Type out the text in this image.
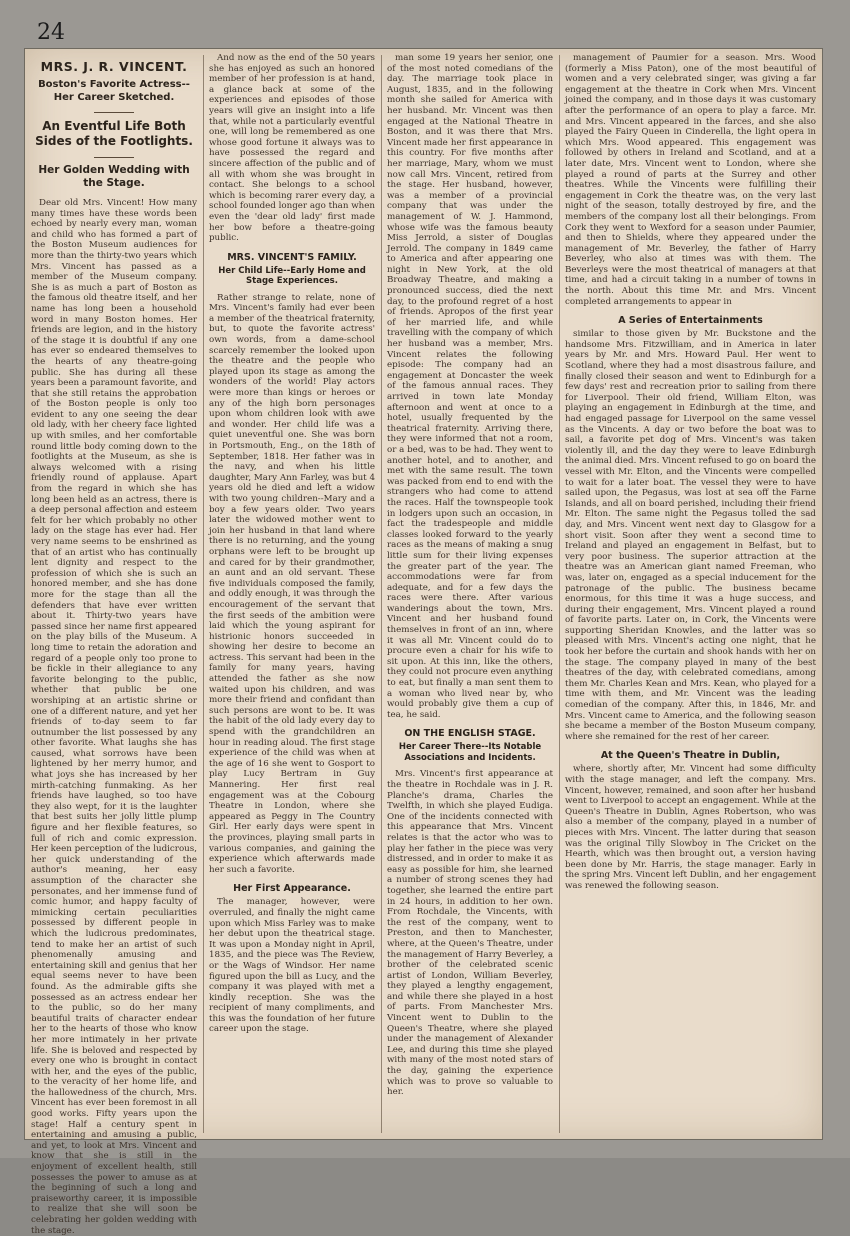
24
MRS. J. R. VINCENT.
Boston's Favorite Actress--Her Career Sketched.
An Eventful Life Both Sides of the Footlights.
Her Golden Wedding with the Stage.

Dear old Mrs. Vincent! How many many times have these words been echoed by nearly every man, woman and child who has formed a part of the Boston Museum audiences for more than the thirty-two years which Mrs. Vincent has passed as a member of the Museum company. She is as much a part of Boston as the famous old theatre itself, and her name has long been a household word in many Boston homes. Her friends are legion, and in the history of the stage it is doubtful if any one has ever so endeared themselves to the hearts of any theatre-going public. She has during all these years been a paramount favorite, and that she still retains the approbation of the Boston people is only too evident to any one seeing the dear old lady, with her cheery face lighted up with smiles, and her comfortable round little body coming down to the footlights at the Museum, as she is always welcomed with a rising friendly round of applause. Apart from the regard in which she has long been held as an actress, there is a deep personal affection and esteem felt for her which probably no other lady on the stage has ever had. Her very name seems to be enshrined as that of an artist who has continually lent dignity and respect to the profession of which she is such an honored member, and she has done more for the stage than all the defenders that have ever written about it. Thirty-two years have passed since her name first appeared on the play bills of the Museum. A long time to retain the adoration and regard of a people only too prone to be fickle in their allegiance to any favorite belonging to the public, whether that public be one worshiping at an artistic shrine or one of a different nature, and yet her friends of to-day seem to far outnumber the list possessed by any other favorite. What laughs she has caused, what sorrows have been lightened by her merry humor, and what joys she has increased by her mirth-catching funmaking. As her friends have laughed, so too have they also wept, for it is the laughter that best suits her jolly little plump figure and her flexible features, so full of rich and comic expression. Her keen perception of the ludicrous, her quick understanding of the author's meaning, her easy assumption of the character she personates, and her immense fund of comic humor, and happy faculty of mimicking certain peculiarities possessed by different people in which the ludicrous predominates, tend to make her an artist of such phenomenally amusing and entertaining skill and genius that her equal seems never to have been found. As the admirable gifts she possessed as an actress endear her to the public, so do her many beautiful traits of character endear her to the hearts of those who know her more intimately in her private life. She is beloved and respected by every one who is brought in contact with her, and the eyes of the public, to the veracity of her home life, and the hallowedness of the church, Mrs. Vincent has ever been foremost in all good works. Fifty years upon the stage! Half a century spent in entertaining and amusing a public, and yet, to look at Mrs. Vincent and know that she is still in the enjoyment of excellent health, still possesses the power to amuse as at the beginning of such a long and praiseworthy career, it is impossible to realize that she will soon be celebrating her golden wedding with the stage.

And now as the end of the 50 years she has enjoyed as such an honored member of her profession is at hand, a glance back at some of the experiences and episodes of those years will give an insight into a life that, while not a particularly eventful one, will long be remembered as one whose good fortune it always was to have possessed the regard and sincere affection of the public and of all with whom she was brought in contact. She belongs to a school which is becoming rarer every day, a school founded longer ago than when even the 'dear old lady' first made her bow before a theatre-going public.

MRS. VINCENT'S FAMILY.
Her Child Life--Early Home and Stage Experiences.

Rather strange to relate, none of Mrs. Vincent's family had ever been a member of the theatrical fraternity, but, to quote the favorite actress' own words, from a dame-school scarcely remember the looked upon the theatre and the people who played upon its stage as among the wonders of the world! Play actors were more than kings or heroes or any of the high born personages upon whom children look with awe and wonder. Her child life was a quiet uneventful one. She was born in Portsmouth, Eng., on the 18th of September, 1818. Her father was in the navy, and when his little daughter, Mary Ann Farley, was but 4 years old he died and left a widow with two young children--Mary and a boy a few years older. Two years later the widowed mother went to join her husband in that land where there is no returning, and the young orphans were left to be brought up and cared for by their grandmother, an aunt and an old servant. These five individuals composed the family, and oddly enough, it was through the encouragement of the servant that the first seeds of the ambition were laid which the young aspirant for histrionic honors succeeded in showing her desire to become an actress. This servant had been in the family for many years, having attended the father as she now waited upon his children, and was more their friend and confidant than such persons are wont to be. It was the habit of the old lady every day to spend with the grandchildren an hour in reading aloud. The first stage experience of the child was when at the age of 16 she went to Gosport to play Lucy Bertram in Guy Mannering. Her first real engagement was at the Cobourg Theatre in London, where she appeared as Peggy in The Country Girl. Her early days were spent in the provinces, playing small parts in various companies, and gaining the experience which afterwards made her such a favorite.

Her First Appearance.

The manager, however, were overruled, and finally the night came upon which Miss Farley was to make her debut upon the theatrical stage. It was upon a Monday night in April, 1835, and the piece was The Review, or the Wags of Windsor. Her name figured upon the bill as Lucy, and the company it was played with met a kindly reception. She was the recipient of many compliments, and this was the foundation of her future career upon the stage.

man some 19 years her senior, one of the most noted comedians of the day. The marriage took place in August, 1835, and in the following month she sailed for America with her husband. Mr. Vincent was then engaged at the National Theatre in Boston, and it was there that Mrs. Vincent made her first appearance in this country. For five months after her marriage, Mary, whom we must now call Mrs. Vincent, retired from the stage. Her husband, however, was a member of a provincial company that was under the management of W. J. Hammond, whose wife was the famous beauty Miss Jerrold, a sister of Douglas Jerrold. The company in 1849 came to America and after appearing one night in New York, at the old Broadway Theatre, and making a pronounced success, died the next day, to the profound regret of a host of friends. Apropos of the first year of her married life, and while travelling with the company of which her husband was a member, Mrs. Vincent relates the following episode: The company had an engagement at Doncaster the week of the famous annual races. They arrived in town late Monday afternoon and went at once to a hotel, usually frequented by the theatrical fraternity. Arriving there, they were informed that not a room, or a bed, was to be had. They went to another hotel, and to another, and met with the same result. The town was packed from end to end with the strangers who had come to attend the races. Half the townspeople took in lodgers upon such an occasion, in fact the tradespeople and middle classes looked forward to the yearly races as the means of making a snug little sum for their living expenses the greater part of the year. The accommodations were far from adequate, and for a few days the races were there. After various wanderings about the town, Mrs. Vincent and her husband found themselves in front of an inn, where it was all Mr. Vincent could do to procure even a chair for his wife to sit upon. At this inn, like the others, they could not procure even anything to eat, but finally a man sent them to a woman who lived near by, who would probably give them a cup of tea, he said.

ON THE ENGLISH STAGE.
Her Career There--Its Notable Associations and Incidents.

Mrs. Vincent's first appearance at the theatre in Rochdale was in J. R. Planche's drama, Charles the Twelfth, in which she played Eudiga. One of the incidents connected with this appearance that Mrs. Vincent relates is that the actor who was to play her father in the piece was very distressed, and in order to make it as easy as possible for him, she learned a number of strong scenes they had together, she learned the entire part in 24 hours, in addition to her own. From Rochdale, the Vincents, with the rest of the company, went to Preston, and then to Manchester, where, at the Queen's Theatre, under the management of Harry Beverley, a brother of the celebrated scenic artist of London, William Beverley, they played a lengthy engagement, and while there she played in a host of parts. From Manchester Mrs. Vincent went to Dublin to the Queen's Theatre, where she played under the management of Alexander Lee, and during this time she played with many of the most noted stars of the day, gaining the experience which was to prove so valuable to her.

management of Paumier for a season. Mrs. Wood (formerly a Miss Paton), one of the most beautiful of women and a very celebrated singer, was giving a far engagement at the theatre in Cork when Mrs. Vincent joined the company, and in those days it was customary after the performance of an opera to play a farce. Mr. and Mrs. Vincent appeared in the farces, and she also played the Fairy Queen in Cinderella, the light opera in which Mrs. Wood appeared. This engagement was followed by others in Ireland and Scotland, and at a later date, Mrs. Vincent went to London, where she played a round of parts at the Surrey and other theatres. While the Vincents were fulfilling their engagement in Cork the theatre was, on the very last night of the season, totally destroyed by fire, and the members of the company lost all their belongings. From Cork they went to Wexford for a season under Paumier, and then to Shields, where they appeared under the management of Mr. Beverley, the father of Harry Beverley, who also at times was with them. The Beverleys were the most theatrical of managers at that time, and had a circuit taking in a number of towns in the north. About this time Mr. and Mrs. Vincent completed arrangements to appear in

A Series of Entertainments

similar to those given by Mr. Buckstone and the handsome Mrs. Fitzwilliam, and in America in later years by Mr. and Mrs. Howard Paul. Her went to Scotland, where they had a most disastrous failure, and finally closed their season and went to Edinburgh for a few days' rest and recreation prior to sailing from there for Liverpool. Their old friend, William Elton, was playing an engagement in Edinburgh at the time, and had engaged passage for Liverpool on the same vessel as the Vincents. A day or two before the boat was to sail, a favorite pet dog of Mrs. Vincent's was taken violently ill, and the day they were to leave Edinburgh the animal died. Mrs. Vincent refused to go on board the vessel with Mr. Elton, and the Vincents were compelled to wait for a later boat. The vessel they were to have sailed upon, the Pegasus, was lost at sea off the Farne Islands, and all on board perished, including their friend Mr. Elton. The same night the Pegasus tolled the sad day, and Mrs. Vincent went next day to Glasgow for a short visit. Soon after they went a second time to Ireland and played an engagement in Belfast, but to very poor business. The superior attraction at the theatre was an American giant named Freeman, who was, later on, engaged as a special inducement for the patronage of the public. The business became enormous, for this time it was a huge success, and during their engagement, Mrs. Vincent played a round of favorite parts. Later on, in Cork, the Vincents were supporting Sheridan Knowles, and the latter was so pleased with Mrs. Vincent's acting one night, that he took her before the curtain and shook hands with her on the stage. The company played in many of the best theatres of the day, with celebrated comedians, among them Mr. Charles Kean and Mrs. Kean, who played for a time with them, and Mr. Vincent was the leading comedian of the company. After this, in 1846, Mr. and Mrs. Vincent came to America, and the following season she became a member of the Boston Museum company, where she remained for the rest of her career.

At the Queen's Theatre in Dublin,

where, shortly after, Mr. Vincent had some difficulty with the stage manager, and left the company. Mrs. Vincent, however, remained, and soon after her husband went to Liverpool to accept an engagement. While at the Queen's Theatre in Dublin, Agnes Robertson, who was also a member of the company, played in a number of pieces with Mrs. Vincent. The latter during that season was the original Tilly Slowboy in The Cricket on the Hearth, which was then brought out, a version having been done by Mr. Harris, the stage manager. Early in the spring Mrs. Vincent left Dublin, and her engagement was renewed the following season.
